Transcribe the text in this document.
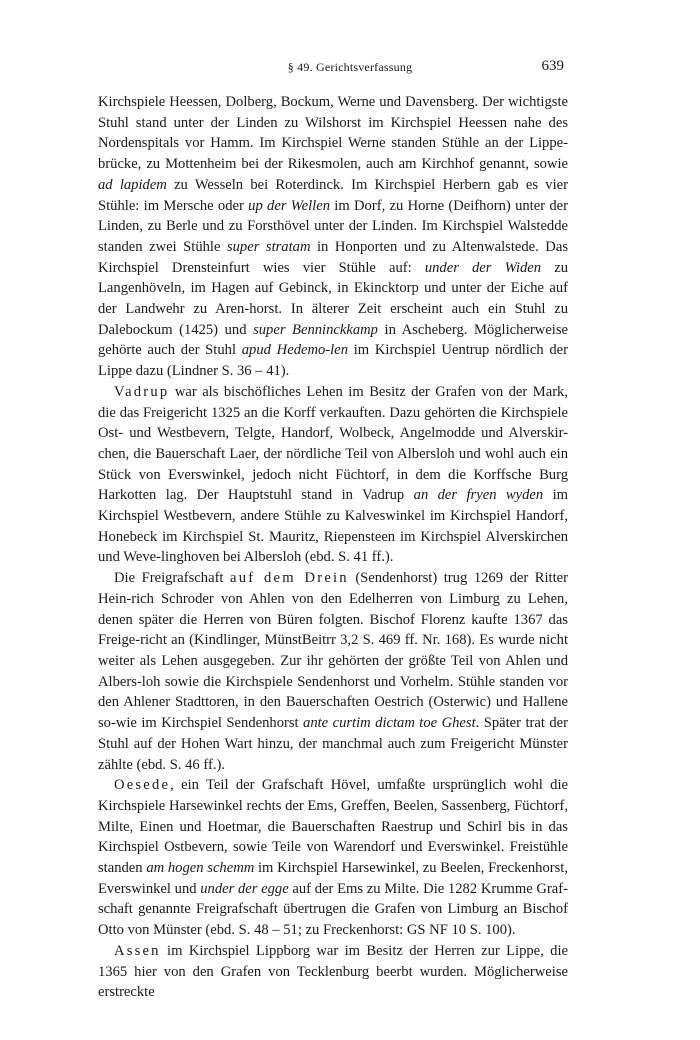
§ 49. Gerichtsverfassung	639

Kirchspiele Heessen, Dolberg, Bockum, Werne und Davensberg. Der wichtigste Stuhl stand unter der Linden zu Wilshorst im Kirchspiel Heessen nahe des Nordenspitals vor Hamm. Im Kirchspiel Werne standen Stühle an der Lippe-brücke, zu Mottenheim bei der Rikesmolen, auch am Kirchhof genannt, sowie ad lapidem zu Wesseln bei Roterdinck. Im Kirchspiel Herbern gab es vier Stühle: im Mersche oder up der Wellen im Dorf, zu Horne (Deifhorn) unter der Linden, zu Berle und zu Forsthövel unter der Linden. Im Kirchspiel Walstedde standen zwei Stühle super stratam in Honporten und zu Altenwalstede. Das Kirchspiel Drensteinfurt wies vier Stühle auf: under der Widen zu Langenhöveln, im Hagen auf Gebinck, in Ekincktorp und unter der Eiche auf der Landwehr zu Aren-horst. In älterer Zeit erscheint auch ein Stuhl zu Dalebockum (1425) und super Benninckkamp in Ascheberg. Möglicherweise gehörte auch der Stuhl apud Hedemo-len im Kirchspiel Uentrup nördlich der Lippe dazu (Lindner S. 36 – 41).

Vadrup war als bischöfliches Lehen im Besitz der Grafen von der Mark, die das Freigericht 1325 an die Korff verkauften. Dazu gehörten die Kirchspiele Ost- und Westbevern, Telgte, Handorf, Wolbeck, Angelmodde und Alverskir-chen, die Bauerschaft Laer, der nördliche Teil von Albersloh und wohl auch ein Stück von Everswinkel, jedoch nicht Füchtorf, in dem die Korffsche Burg Harkotten lag. Der Hauptstuhl stand in Vadrup an der fryen wyden im Kirchspiel Westbevern, andere Stühle zu Kalveswinkel im Kirchspiel Handorf, Honebeck im Kirchspiel St. Mauritz, Riepensteen im Kirchspiel Alverskirchen und Weve-linghoven bei Albersloh (ebd. S. 41 ff.).

Die Freigrafschaft auf dem Drein (Sendenhorst) trug 1269 der Ritter Hein-rich Schroder von Ahlen von den Edelherren von Limburg zu Lehen, denen später die Herren von Büren folgten. Bischof Florenz kaufte 1367 das Freige-richt an (Kindlinger, MünstBeitrr 3,2 S. 469 ff. Nr. 168). Es wurde nicht weiter als Lehen ausgegeben. Zur ihr gehörten der größte Teil von Ahlen und Albers-loh sowie die Kirchspiele Sendenhorst und Vorhelm. Stühle standen vor den Ahlener Stadttoren, in den Bauerschaften Oestrich (Osterwic) und Hallene so-wie im Kirchspiel Sendenhorst ante curtim dictam toe Ghest. Später trat der Stuhl auf der Hohen Wart hinzu, der manchmal auch zum Freigericht Münster zählte (ebd. S. 46 ff.).

Oesede, ein Teil der Grafschaft Hövel, umfaßte ursprünglich wohl die Kirchspiele Harsewinkel rechts der Ems, Greffen, Beelen, Sassenberg, Füchtorf, Milte, Einen und Hoetmar, die Bauerschaften Raestrup und Schirl bis in das Kirchspiel Ostbevern, sowie Teile von Warendorf und Everswinkel. Freistühle standen am hogen schemm im Kirchspiel Harsewinkel, zu Beelen, Freckenhorst, Everswinkel und under der egge auf der Ems zu Milte. Die 1282 Krumme Graf-schaft genannte Freigrafschaft übertrugen die Grafen von Limburg an Bischof Otto von Münster (ebd. S. 48 – 51; zu Freckenhorst: GS NF 10 S. 100).

Assen im Kirchspiel Lippborg war im Besitz der Herren zur Lippe, die 1365 hier von den Grafen von Tecklenburg beerbt wurden. Möglicherweise erstreckte
